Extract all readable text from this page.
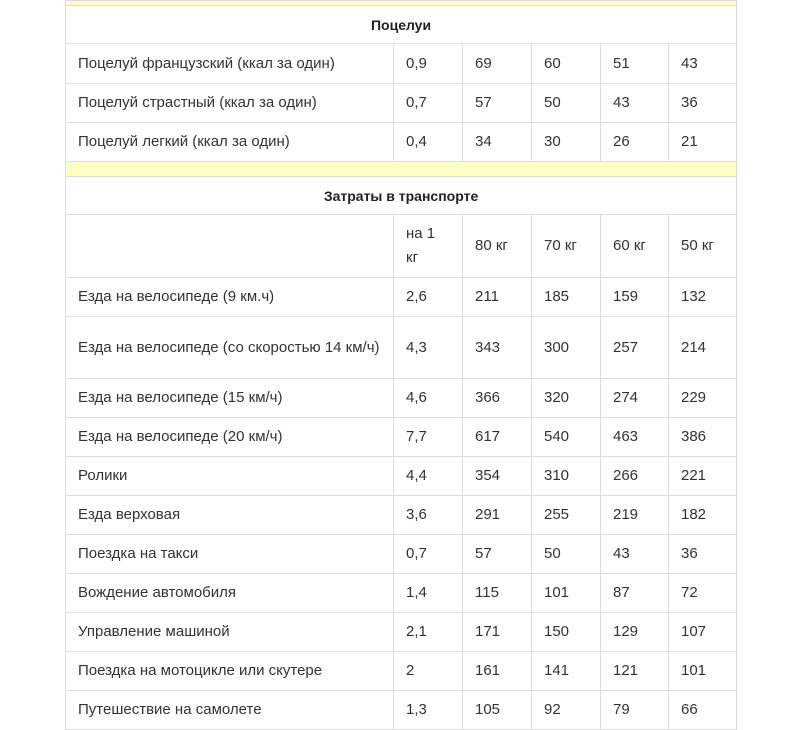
Поцелуи					
Поцелуй французский (ккал за один)	0,9	69	60	51	43
Поцелуй страстный (ккал за один)	0,7	57	50	43	36
Поцелуй легкий (ккал за один)	0,4	34	30	26	21

Затраты в транспорте					
	на 1 кг	80 кг	70 кг	60 кг	50 кг
Езда на велосипеде (9 км.ч)	2,6	211	185	159	132
Езда на велосипеде (со скоростью 14 км/ч)	4,3	343	300	257	214
Езда на велосипеде (15 км/ч)	4,6	366	320	274	229
Езда на велосипеде (20 км/ч)	7,7	617	540	463	386
Ролики	4,4	354	310	266	221
Езда верховая	3,6	291	255	219	182
Поездка на такси	0,7	57	50	43	36
Вождение автомобиля	1,4	115	101	87	72
Управление машиной	2,1	171	150	129	107
Поездка на мотоцикле или скутере	2	161	141	121	101
Путешествие на самолете	1,3	105	92	79	66
